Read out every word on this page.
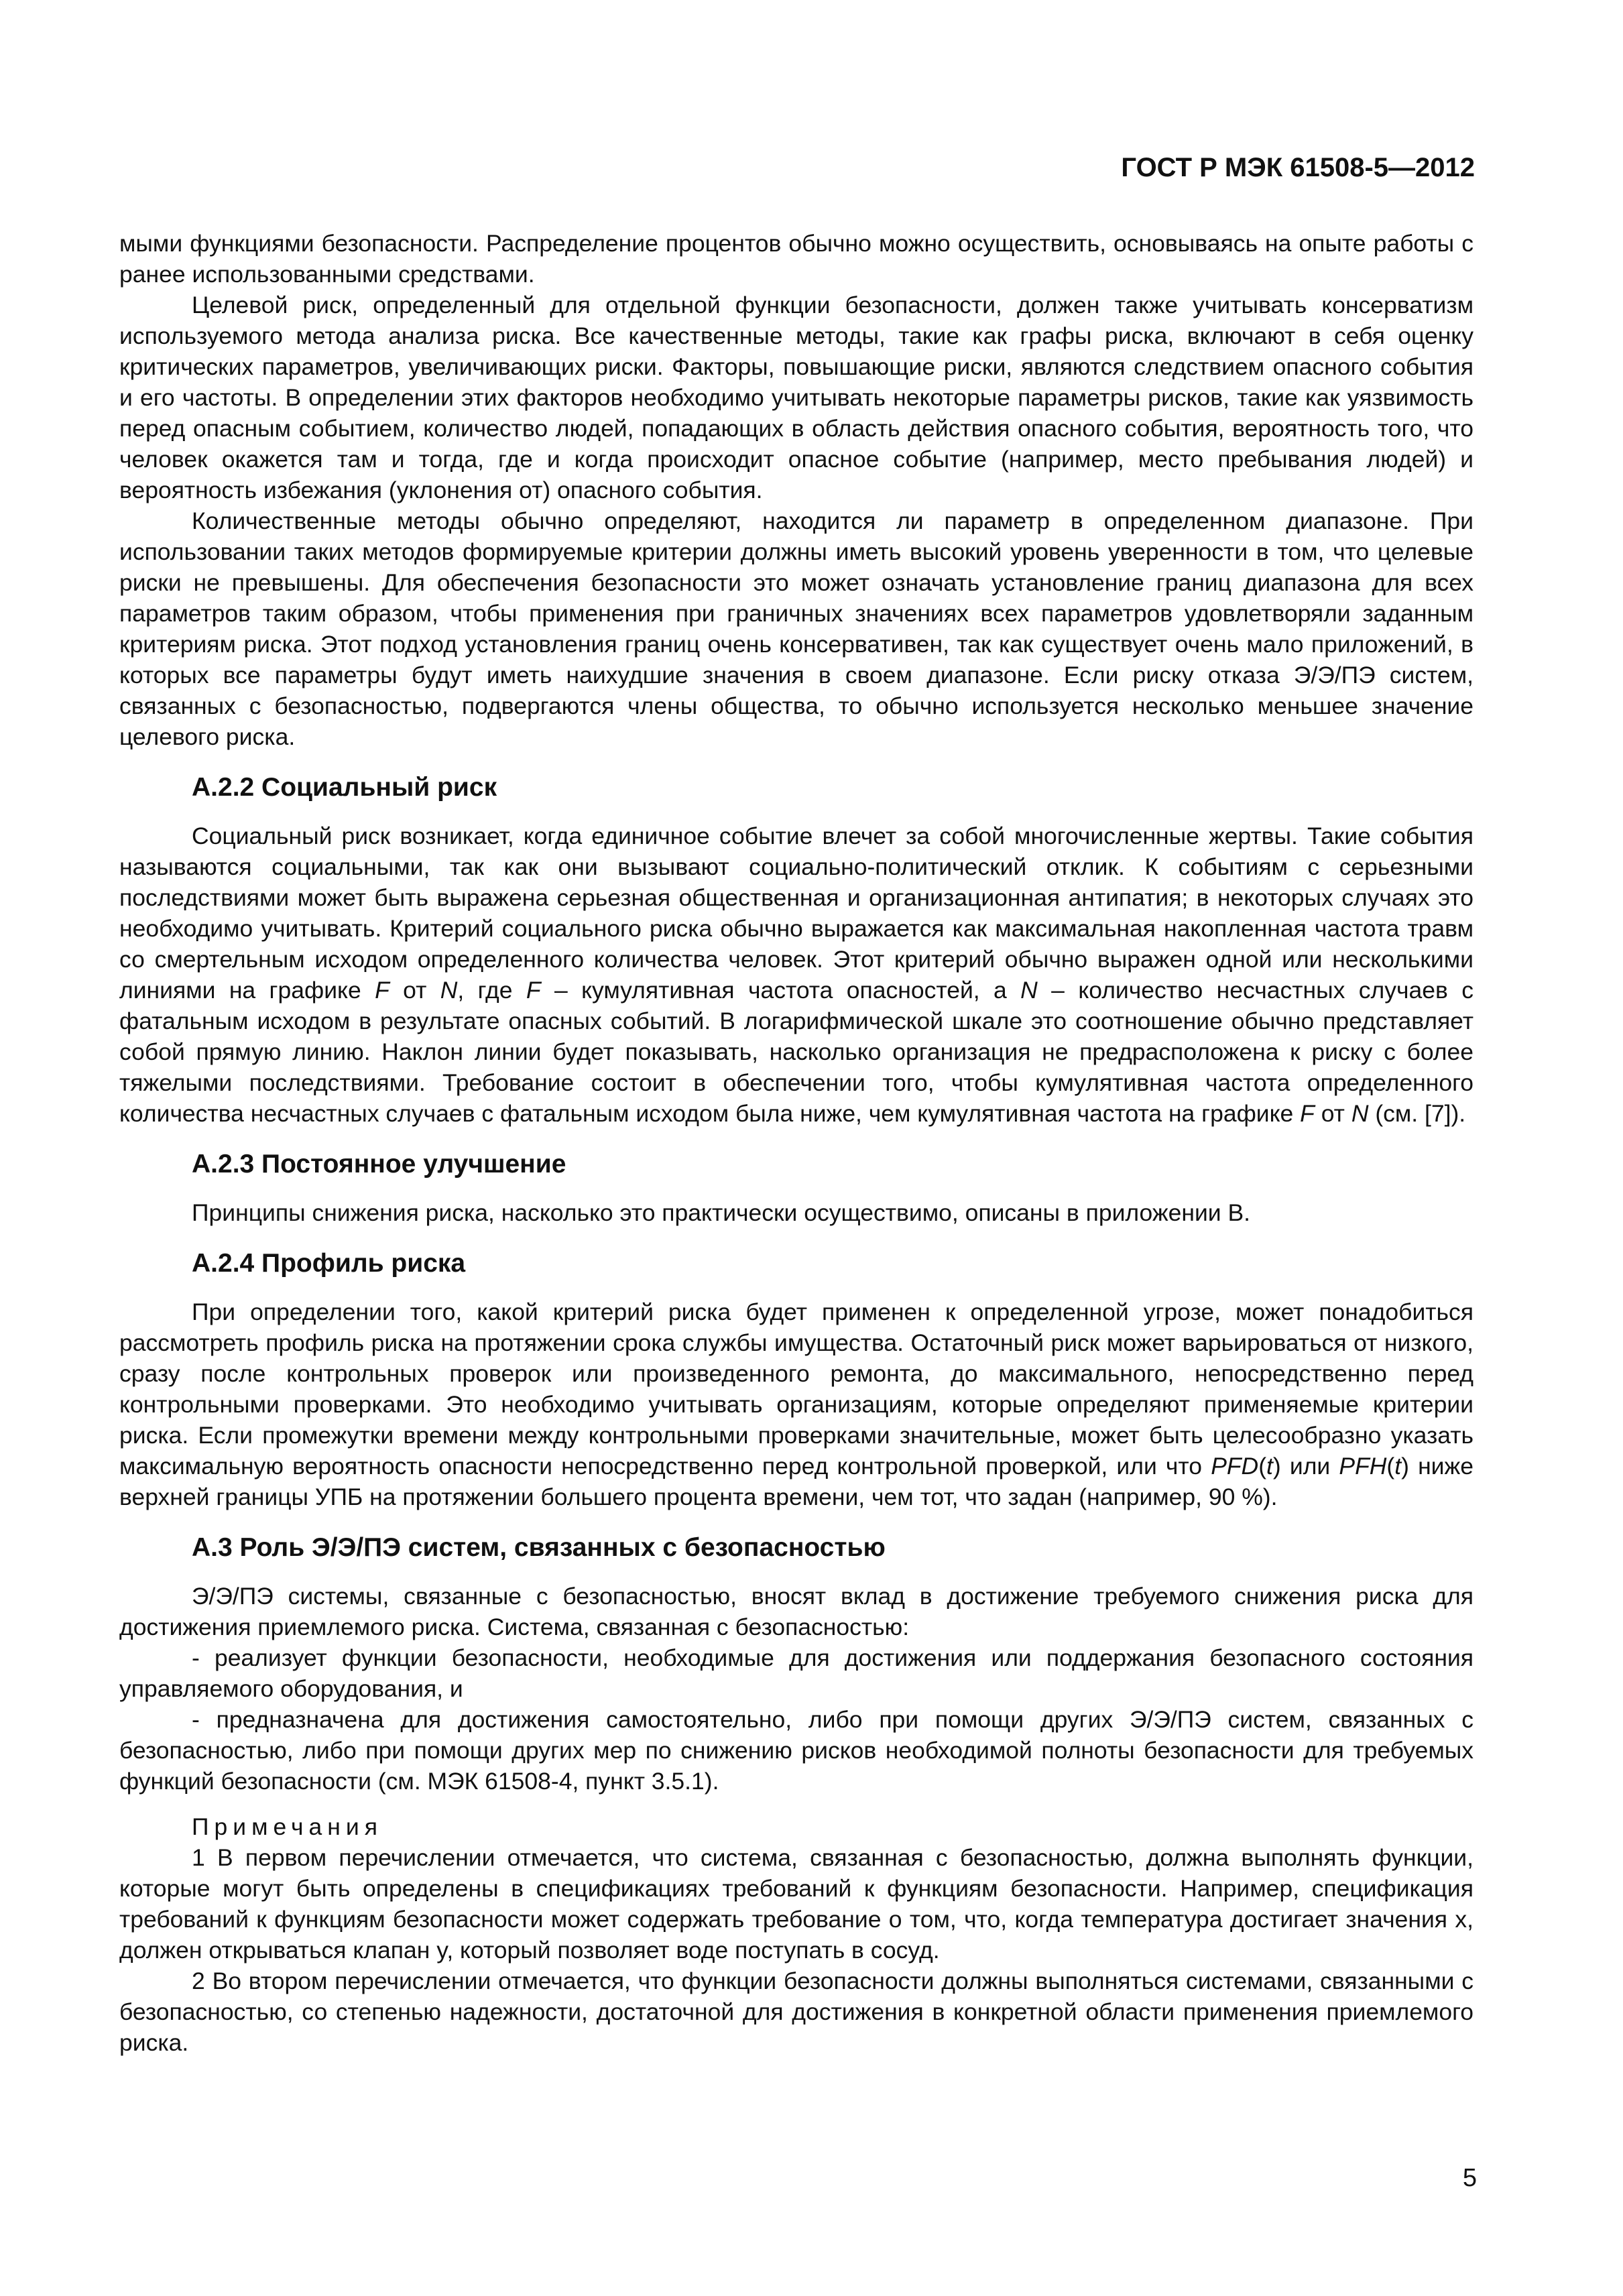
ГОСТ Р МЭК 61508-5—2012

мыми функциями безопасности. Распределение процентов обычно можно осуществить, основываясь на опыте работы с ранее использованными средствами.

Целевой риск, определенный для отдельной функции безопасности, должен также учитывать консерватизм используемого метода анализа риска. Все качественные методы, такие как графы риска, включают в себя оценку критических параметров, увеличивающих риски. Факторы, повышающие риски, являются следствием опасного события и его частоты. В определении этих факторов необходимо учитывать некоторые параметры рисков, такие как уязвимость перед опасным событием, количество людей, попадающих в область действия опасного события, вероятность того, что человек окажется там и тогда, где и когда происходит опасное событие (например, место пребывания людей) и вероятность избежания (уклонения от) опасного события.

Количественные методы обычно определяют, находится ли параметр в определенном диапазоне. При использовании таких методов формируемые критерии должны иметь высокий уровень уверенности в том, что целевые риски не превышены. Для обеспечения безопасности это может означать установление границ диапазона для всех параметров таким образом, чтобы применения при граничных значениях всех параметров удовлетворяли заданным критериям риска. Этот подход установления границ очень консервативен, так как существует очень мало приложений, в которых все параметры будут иметь наихудшие значения в своем диапазоне. Если риску отказа Э/Э/ПЭ систем, связанных с безопасностью, подвергаются члены общества, то обычно используется несколько меньшее значение целевого риска.

А.2.2 Социальный риск

Социальный риск возникает, когда единичное событие влечет за собой многочисленные жертвы. Такие события называются социальными, так как они вызывают социально-политический отклик. К событиям с серьезными последствиями может быть выражена серьезная общественная и организационная антипатия; в некоторых случаях это необходимо учитывать. Критерий социального риска обычно выражается как максимальная накопленная частота травм со смертельным исходом определенного количества человек. Этот критерий обычно выражен одной или несколькими линиями на графике F от N, где F – кумулятивная частота опасностей, а N – количество несчастных случаев с фатальным исходом в результате опасных событий. В логарифмической шкале это соотношение обычно представляет собой прямую линию. Наклон линии будет показывать, насколько организация не предрасположена к риску с более тяжелыми последствиями. Требование состоит в обеспечении того, чтобы кумулятивная частота определенного количества несчастных случаев с фатальным исходом была ниже, чем кумулятивная частота на графике F от N (см. [7]).

А.2.3 Постоянное улучшение

Принципы снижения риска, насколько это практически осуществимо, описаны в приложении В.

А.2.4 Профиль риска

При определении того, какой критерий риска будет применен к определенной угрозе, может понадобиться рассмотреть профиль риска на протяжении срока службы имущества. Остаточный риск может варьироваться от низкого, сразу после контрольных проверок или произведенного ремонта, до максимального, непосредственно перед контрольными проверками. Это необходимо учитывать организациям, которые определяют применяемые критерии риска. Если промежутки времени между контрольными проверками значительные, может быть целесообразно указать максимальную вероятность опасности непосредственно перед контрольной проверкой, или что PFD(t) или PFH(t) ниже верхней границы УПБ на протяжении большего процента времени, чем тот, что задан (например, 90 %).

А.3 Роль Э/Э/ПЭ систем, связанных с безопасностью

Э/Э/ПЭ системы, связанные с безопасностью, вносят вклад в достижение требуемого снижения риска для достижения приемлемого риска. Система, связанная с безопасностью:

- реализует функции безопасности, необходимые для достижения или поддержания безопасного состояния управляемого оборудования, и

- предназначена для достижения самостоятельно, либо при помощи других Э/Э/ПЭ систем, связанных с безопасностью, либо при помощи других мер по снижению рисков необходимой полноты безопасности для требуемых функций безопасности (см. МЭК 61508-4, пункт 3.5.1).

Примечания

1 В первом перечислении отмечается, что система, связанная с безопасностью, должна выполнять функции, которые могут быть определены в спецификациях требований к функциям безопасности. Например, спецификация требований к функциям безопасности может содержать требование о том, что, когда температура достигает значения x, должен открываться клапан y, который позволяет воде поступать в сосуд.

2 Во втором перечислении отмечается, что функции безопасности должны выполняться системами, связанными с безопасностью, со степенью надежности, достаточной для достижения в конкретной области применения приемлемого риска.

5
